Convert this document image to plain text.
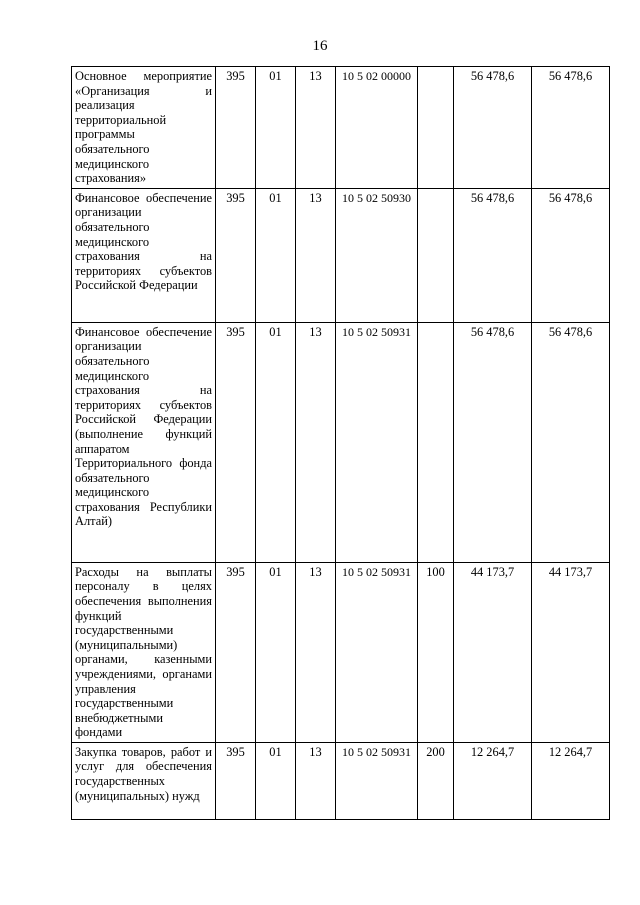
16
Основное мероприятие «Организация и реализация территориальной программы обязательного медицинского страхования»	395	01	13	10 5 02 00000		56 478,6	56 478,6
Финансовое обеспечение организации обязательного медицинского страхования на территориях субъектов Российской Федерации	395	01	13	10 5 02 50930		56 478,6	56 478,6
Финансовое обеспечение организации обязательного медицинского страхования на территориях субъектов Российской Федерации (выполнение функций аппаратом Территориального фонда обязательного медицинского страхования Республики Алтай)	395	01	13	10 5 02 50931		56 478,6	56 478,6
Расходы на выплаты персоналу в целях обеспечения выполнения функций государственными (муниципальными) органами, казенными учреждениями, органами управления государственными внебюджетными фондами	395	01	13	10 5 02 50931	100	44 173,7	44 173,7
Закупка товаров, работ и услуг для обеспечения государственных (муниципальных) нужд	395	01	13	10 5 02 50931	200	12 264,7	12 264,7
